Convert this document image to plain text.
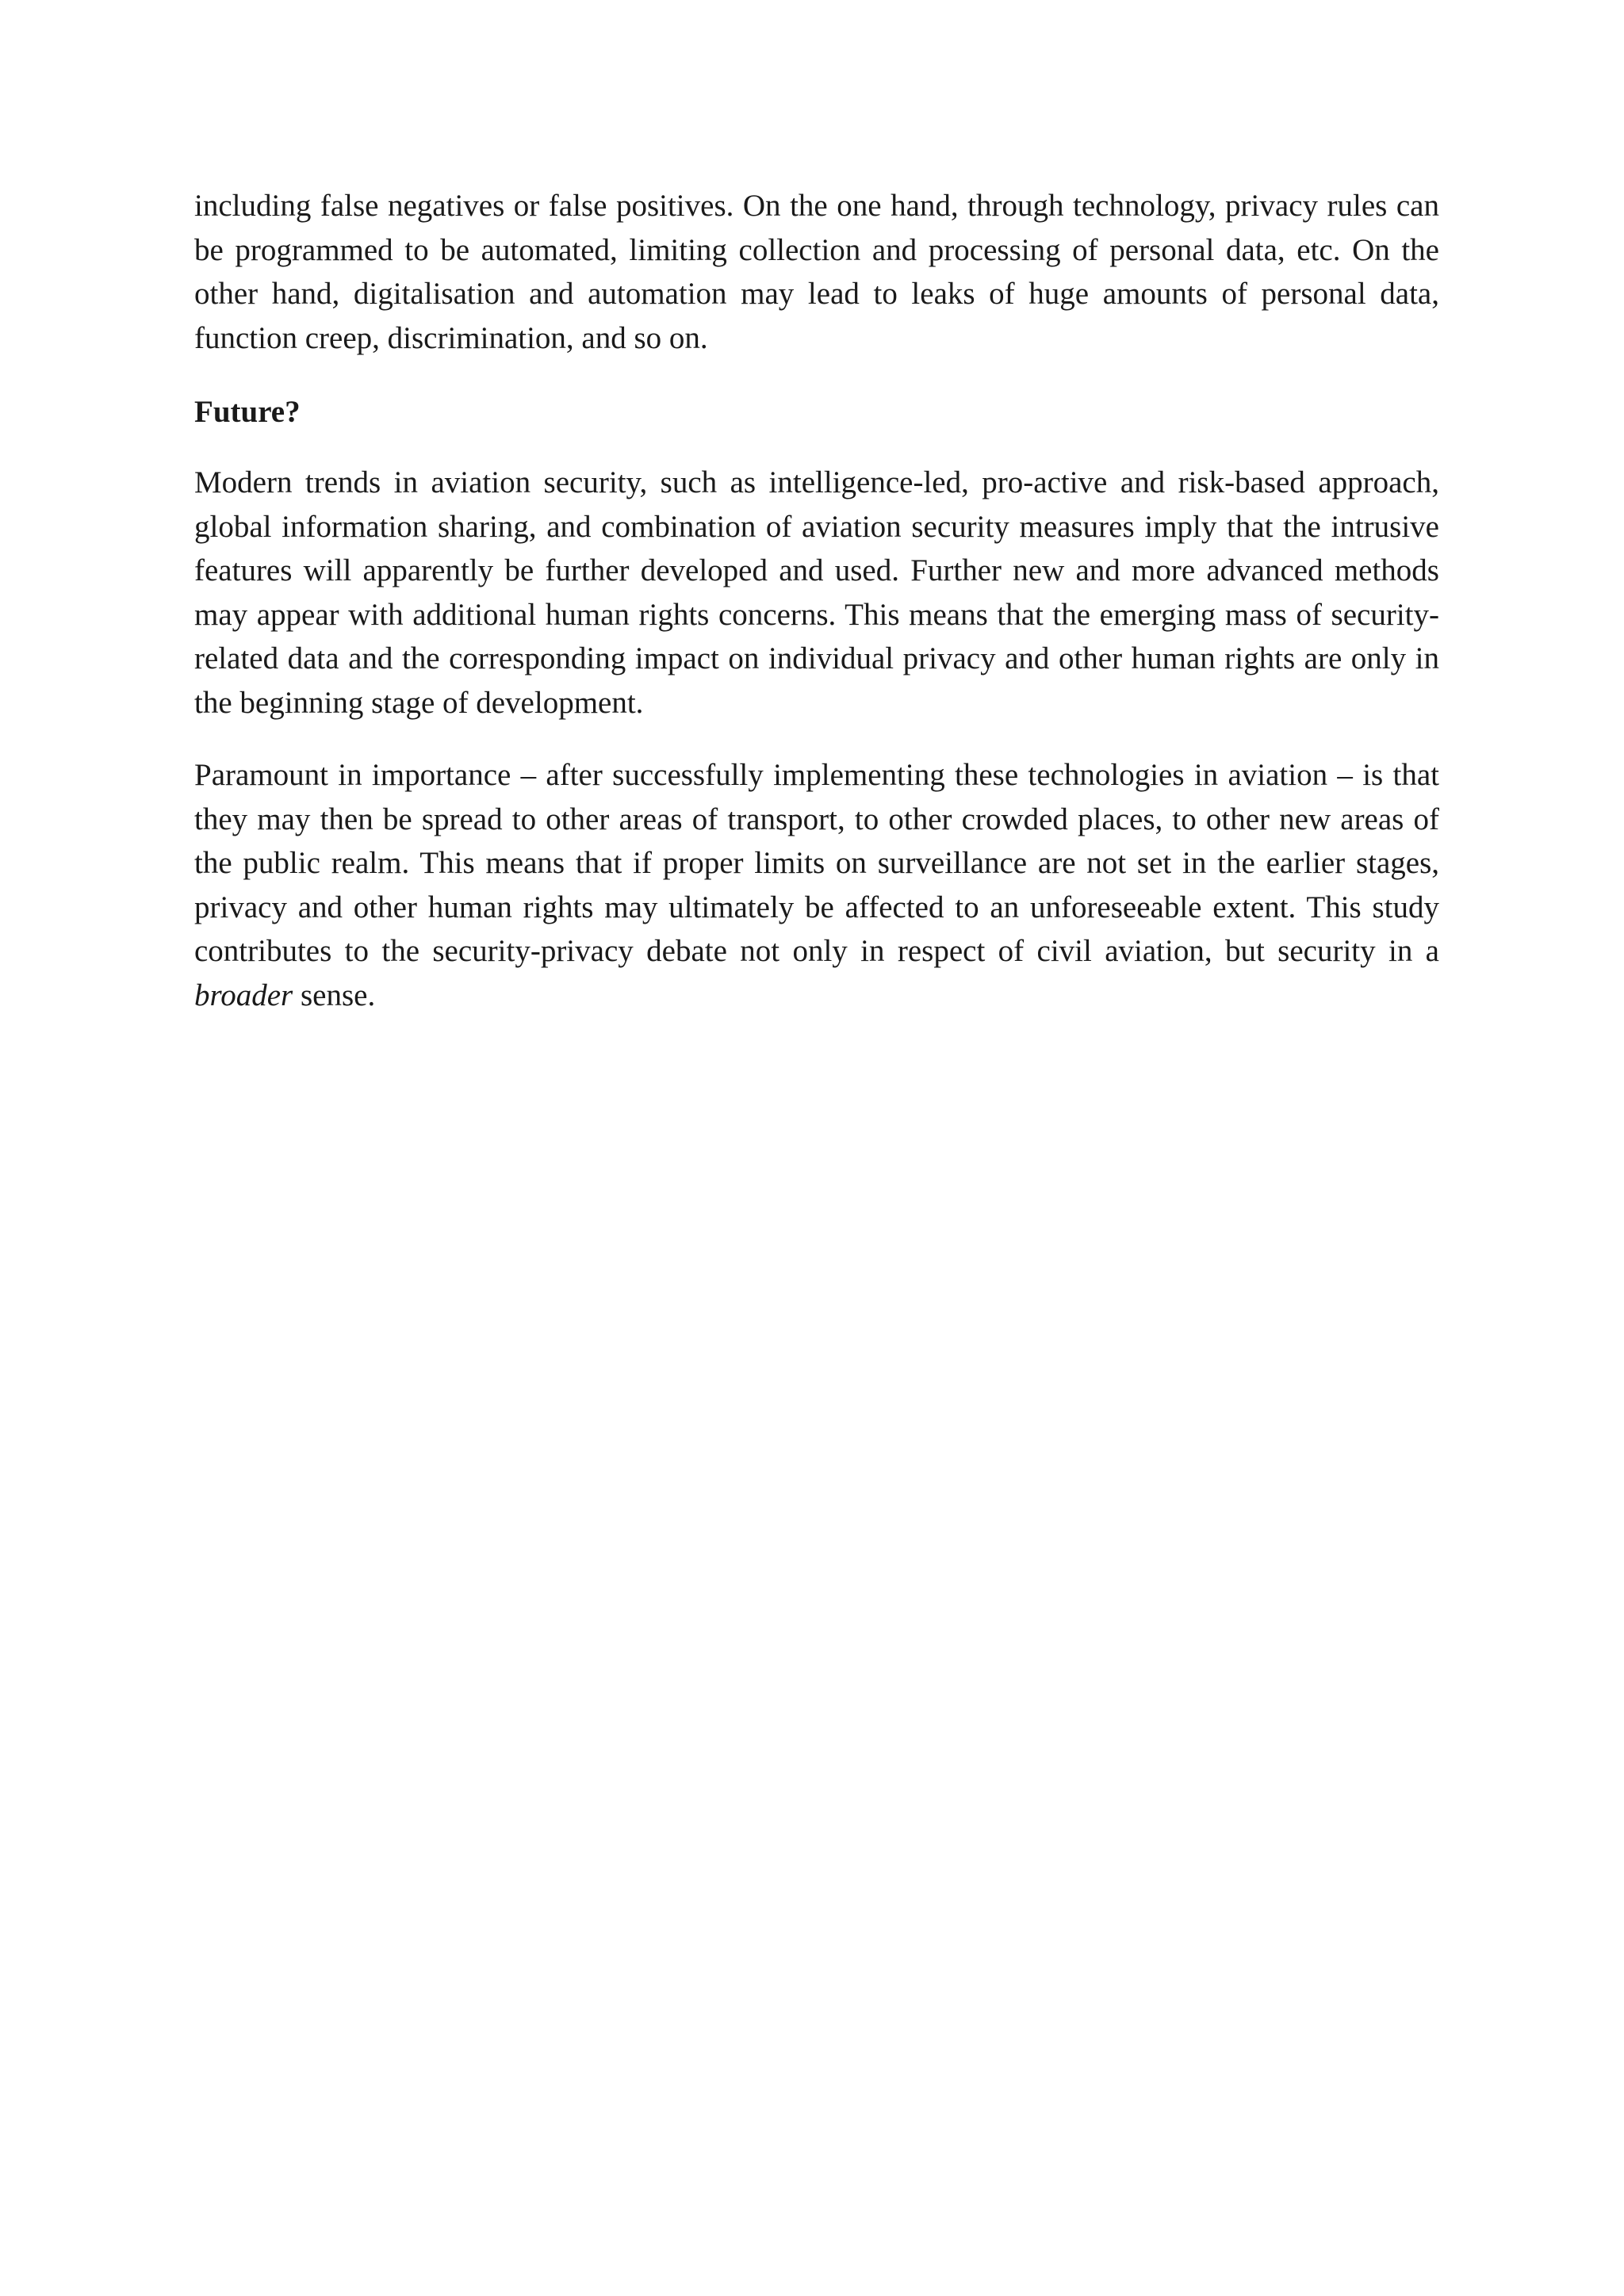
including false negatives or false positives. On the one hand, through technology, privacy rules can be programmed to be automated, limiting collection and processing of personal data, etc. On the other hand, digitalisation and automation may lead to leaks of huge amounts of personal data, function creep, discrimination, and so on.

Future?

Modern trends in aviation security, such as intelligence-led, pro-active and risk-based approach, global information sharing, and combination of aviation security measures imply that the intrusive features will apparently be further developed and used. Further new and more advanced methods may appear with additional human rights concerns. This means that the emerging mass of security-related data and the corresponding impact on individual privacy and other human rights are only in the beginning stage of development.

Paramount in importance – after successfully implementing these technologies in aviation – is that they may then be spread to other areas of transport, to other crowded places, to other new areas of the public realm. This means that if proper limits on surveillance are not set in the earlier stages, privacy and other human rights may ultimately be affected to an unforeseeable extent. This study contributes to the security-privacy debate not only in respect of civil aviation, but security in a broader sense.
